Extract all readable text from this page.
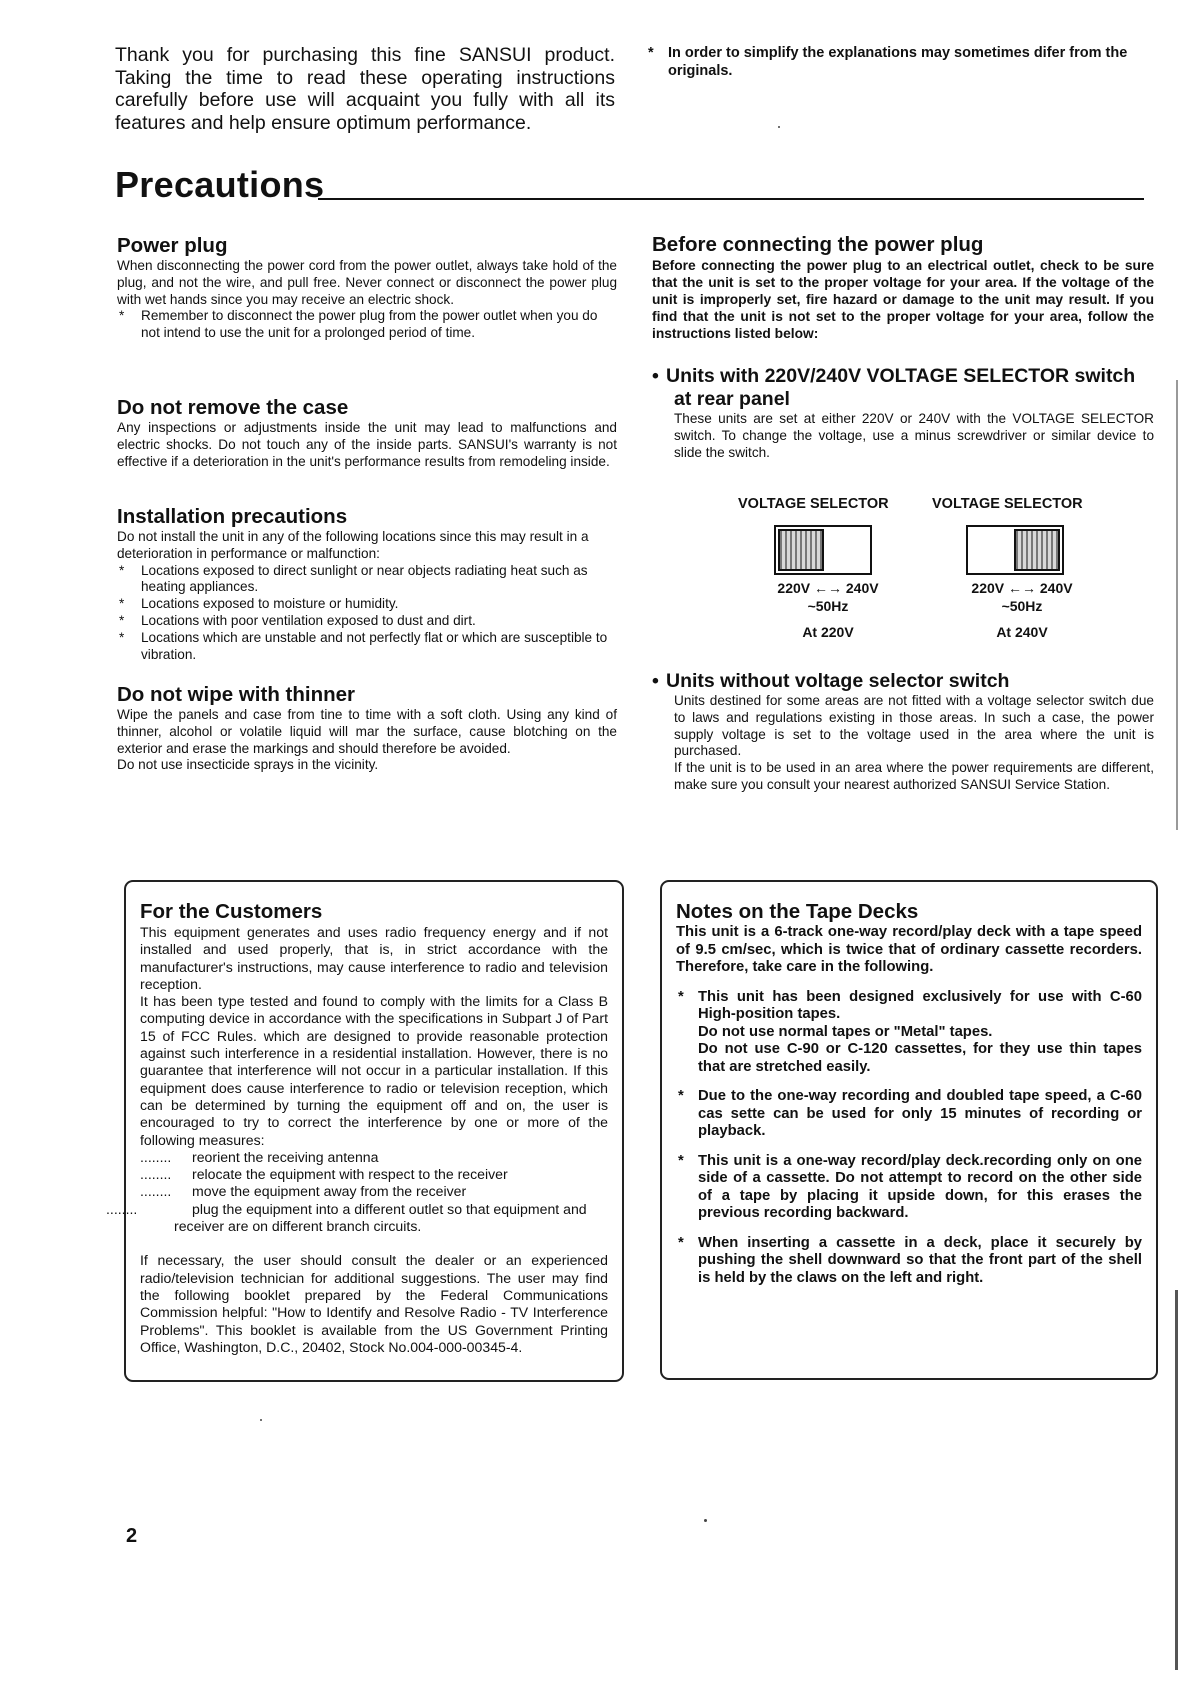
Thank you for purchasing this fine SANSUI product. Taking the time to read these operating instructions carefully before use will acquaint you fully with all its features and help ensure optimum performance.

* In order to simplify the explanations may sometimes difer from the originals.
Precautions
Power plug

When disconnecting the power cord from the power outlet, always take hold of the plug, and not the wire, and pull free. Never connect or disconnect the power plug with wet hands since you may receive an electric shock.

* Remember to disconnect the power plug from the power outlet when you do not intend to use the unit for a prolonged period of time.
Do not remove the case

Any inspections or adjustments inside the unit may lead to malfunctions and electric shocks. Do not touch any of the inside parts. SANSUI's warranty is not effective if a deterioration in the unit's performance results from remodeling inside.

Installation precautions

Do not install the unit in any of the following locations since this may result in a deterioration in performance or malfunction:

* Locations exposed to direct sunlight or near objects radiating heat such as heating appliances.
* Locations exposed to moisture or humidity.
* Locations with poor ventilation exposed to dust and dirt.
* Locations which are unstable and not perfectly flat or which are susceptible to vibration.
Do not wipe with thinner

Wipe the panels and case from tine to time with a soft cloth. Using any kind of thinner, alcohol or volatile liquid will mar the surface, cause blotching on the exterior and erase the markings and should therefore be avoided.

Do not use insecticide sprays in the vicinity.

Before connecting the power plug

Before connecting the power plug to an electrical outlet, check to be sure that the unit is set to the proper voltage for your area. If the voltage of the unit is improperly set, fire hazard or damage to the unit may result. If you find that the unit is not set to the proper voltage for your area, follow the instructions listed below:

• Units with 220V/240V VOLTAGE SELECTOR switch
at rear panel

These units are set at either 220V or 240V with the VOLTAGE SELECTOR switch. To change the voltage, use a minus screwdriver or similar device to slide the switch.

VOLTAGE SELECTOR
220V ←→ 240V
~50Hz
At 220V
VOLTAGE SELECTOR
220V ←→ 240V
~50Hz
At 240V
• Units without voltage selector switch

Units destined for some areas are not fitted with a voltage selector switch due to laws and regulations existing in those areas. In such a case, the power supply voltage is set to the voltage used in the area where the unit is purchased.

If the unit is to be used in an area where the power requirements are different, make sure you consult your nearest authorized SANSUI Service Station.

For the Customers

This equipment generates and uses radio frequency energy and if not installed and used properly, that is, in strict accordance with the manufacturer's instructions, may cause interference to radio and television reception.

It has been type tested and found to comply with the limits for a Class B computing device in accordance with the specifications in Subpart J of Part 15 of FCC Rules. which are designed to provide reasonable protection against such interference in a residential installation. However, there is no guarantee that interference will not occur in a particular installation. If this equipment does cause interference to radio or television reception, which can be determined by turning the equipment off and on, the user is encouraged to try to correct the interference by one or more of the following measures:

........ reorient the receiving antenna
........ relocate the equipment with respect to the receiver
........ move the equipment away from the receiver
........	plug the equipment into a different outlet so that equipment and receiver are on different branch circuits.

If necessary, the user should consult the dealer or an experienced radio/television technician for additional suggestions. The user may find the following booklet prepared by the Federal Communications Commission helpful: "How to Identify and Resolve Radio - TV Interference Problems". This booklet is available from the US Government Printing Office, Washington, D.C., 20402, Stock No.004-000-00345-4.

Notes on the Tape Decks

This unit is a 6-track one-way record/play deck with a tape speed of 9.5 cm/sec, which is twice that of ordinary cassette recorders. Therefore, take care in the following.

* This unit has been designed exclusively for use with C-60 High-position tapes.
Do not use normal tapes or "Metal" tapes.
Do not use C-90 or C-120 cassettes, for they use thin tapes that are stretched easily.
* Due to the one-way recording and doubled tape speed, a C-60 cas sette can be used for only 15 minutes of recording or playback.
* This unit is a one-way record/play deck.recording only on one side of a cassette. Do not attempt to record on the other side of a tape by placing it upside down, for this erases the previous recording backward.
* When inserting a cassette in a deck, place it securely by pushing the shell downward so that the front part of the shell is held by the claws on the left and right.
2
